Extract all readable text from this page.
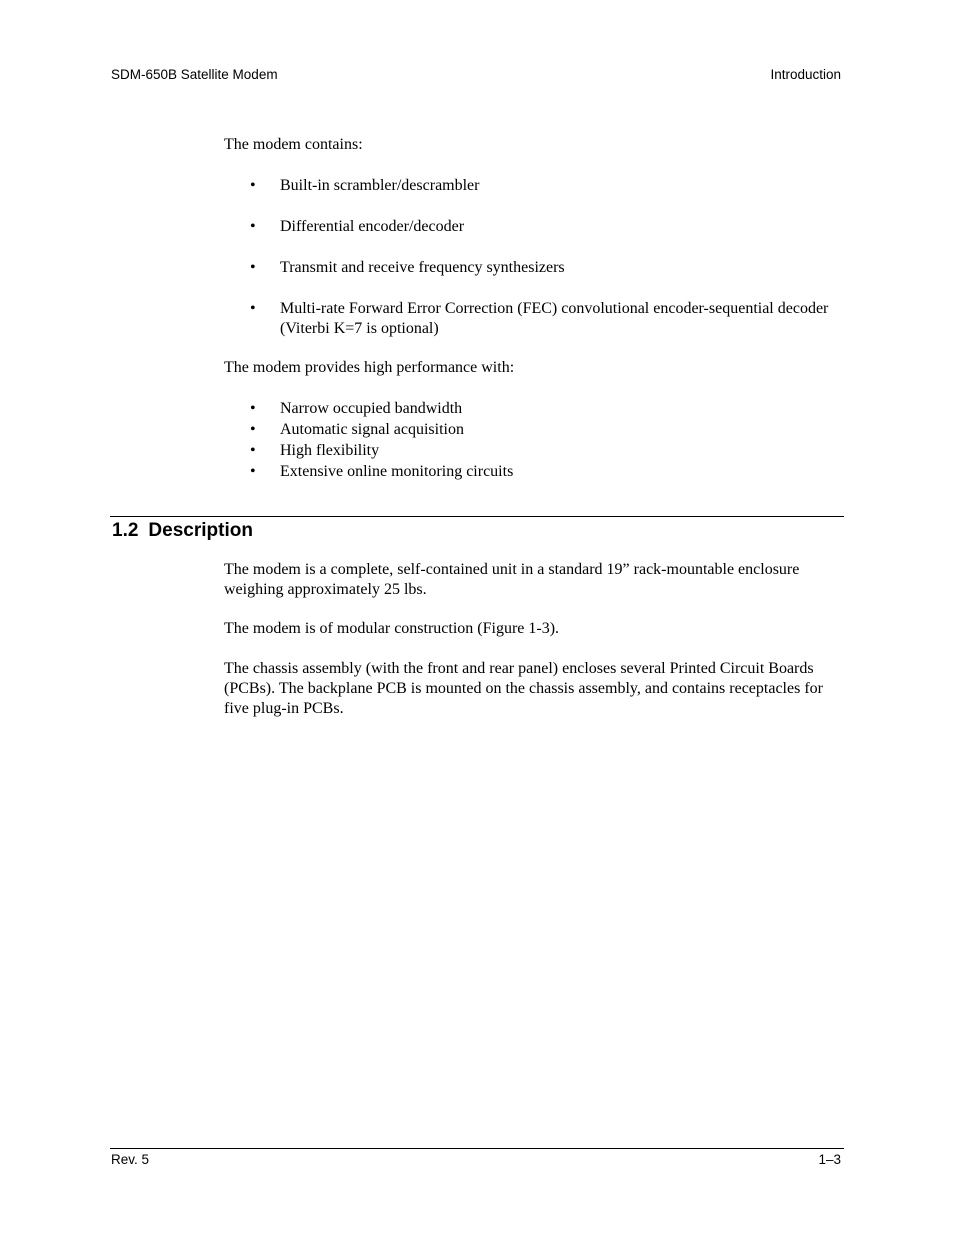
SDM-650B Satellite Modem	Introduction
The modem contains:
• Built-in scrambler/descrambler
• Differential encoder/decoder
• Transmit and receive frequency synthesizers
• Multi-rate Forward Error Correction (FEC) convolutional encoder-sequential decoder (Viterbi K=7 is optional)
The modem provides high performance with:
• Narrow occupied bandwidth
• Automatic signal acquisition
• High flexibility
• Extensive online monitoring circuits
1.2 Description
The modem is a complete, self-contained unit in a standard 19” rack-mountable enclosure weighing approximately 25 lbs.
The modem is of modular construction (Figure 1-3).
The chassis assembly (with the front and rear panel) encloses several Printed Circuit Boards (PCBs). The backplane PCB is mounted on the chassis assembly, and contains receptacles for five plug-in PCBs.
Rev. 5	1–3
